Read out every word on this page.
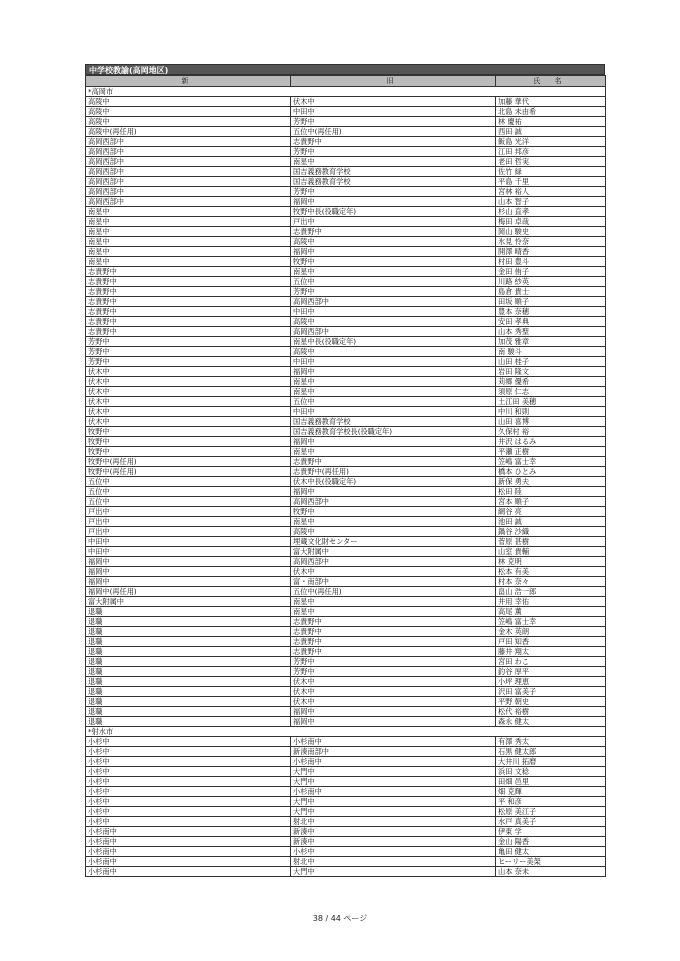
中学校教諭(高岡地区)
新	旧	氏 名
*高岡市		
高陵中	伏木中	加藤 華代
高陵中	中田中	北島 未由希
高陵中	芳野中	林 慶祐
高陵中(再任用)	五位中(再任用)	西田 誠
高岡西部中	志貴野中	飯島 光洋
高岡西部中	芳野中	江田 邦彦
高岡西部中	南星中	老田 哲実
高岡西部中	国吉義務教育学校	佐竹 緑
高岡西部中	国吉義務教育学校	平島 千里
高岡西部中	芳野中	宮林 裕人
高岡西部中	福岡中	山本 智子
南星中	牧野中長(役職定年)	杉山 直孝
南星中	戸出中	梅田 卓哉
南星中	志貴野中	岡山 駿史
南星中	高陵中	氷見 怜奈
南星中	福岡中	開澤 晴香
南星中	牧野中	村田 豊斗
志貴野中	南星中	金田 侑子
志貴野中	五位中	川路 紗英
志貴野中	芳野中	島倉 貴士
志貴野中	高岡西部中	田坂 順子
志貴野中	中田中	豊本 奈穂
志貴野中	高陵中	安田 孝典
志貴野中	高岡西部中	山本 秀聖
芳野中	南星中長(役職定年)	加茂 雅章
芳野中	高陵中	南 駿斗
芳野中	中田中	山田 桂子
伏木中	福岡中	岩田 隆文
伏木中	南星中	苅郷 優希
伏木中	南星中	須原 仁志
伏木中	五位中	土江田 美穂
伏木中	中田中	中川 和則
伏木中	国吉義務教育学校	山田 喜博
牧野中	国吉義務教育学校長(役職定年)	久保村 裕
牧野中	福岡中	井沢 はるみ
牧野中	南星中	平瀬 正樹
牧野中(再任用)	志貴野中	笠嶋 富士幸
牧野中(再任用)	志貴野中(再任用)	橋本 ひとみ
五位中	伏木中長(役職定年)	新保 勇夫
五位中	福岡中	松田 陸
五位中	高岡西部中	宮本 順子
戸出中	牧野中	網谷 亮
戸出中	南星中	池田 誠
戸出中	高陵中	鍋谷 沙織
中田中	埋蔵文化財センター	菅原 甚樹
中田中	富大附属中	山室 貴輔
福岡中	高岡西部中	林 克明
福岡中	伏木中	松本 有美
福岡中	富・南部中	村本 奈々
福岡中(再任用)	五位中(再任用)	畠山 浩一郎
富大附属中	南星中	井用 幸佑
退職	南星中	高尾 薫
退職	志貴野中	笠嶋 富士幸
退職	志貴野中	金木 英朗
退職	志貴野中	戸田 知香
退職	志貴野中	藤井 翔太
退職	芳野中	宮田 わこ
退職	芳野中	釣谷 厚平
退職	伏木中	小坪 理恵
退職	伏木中	沢田 富美子
退職	伏木中	平野 朝史
退職	福岡中	松代 裕樹
退職	福岡中	森永 健太
*射水市		
小杉中	小杉南中	有澤 秀太
小杉中	新湊南部中	石黒 健太郎
小杉中	小杉南中	大井川 拓磨
小杉中	大門中	浜田 文稔
小杉中	大門中	田畑 邑里
小杉中	小杉南中	畑 克輝
小杉中	大門中	平 和彦
小杉中	大門中	松原 美江子
小杉中	射北中	水戸 真美子
小杉南中	新湊中	伊東 学
小杉南中	新湊中	金山 陽香
小杉南中	小杉中	亀田 健太
小杉南中	射北中	ヒーリー美架
小杉南中	大門中	山本 奈未
38 / 44 ページ
